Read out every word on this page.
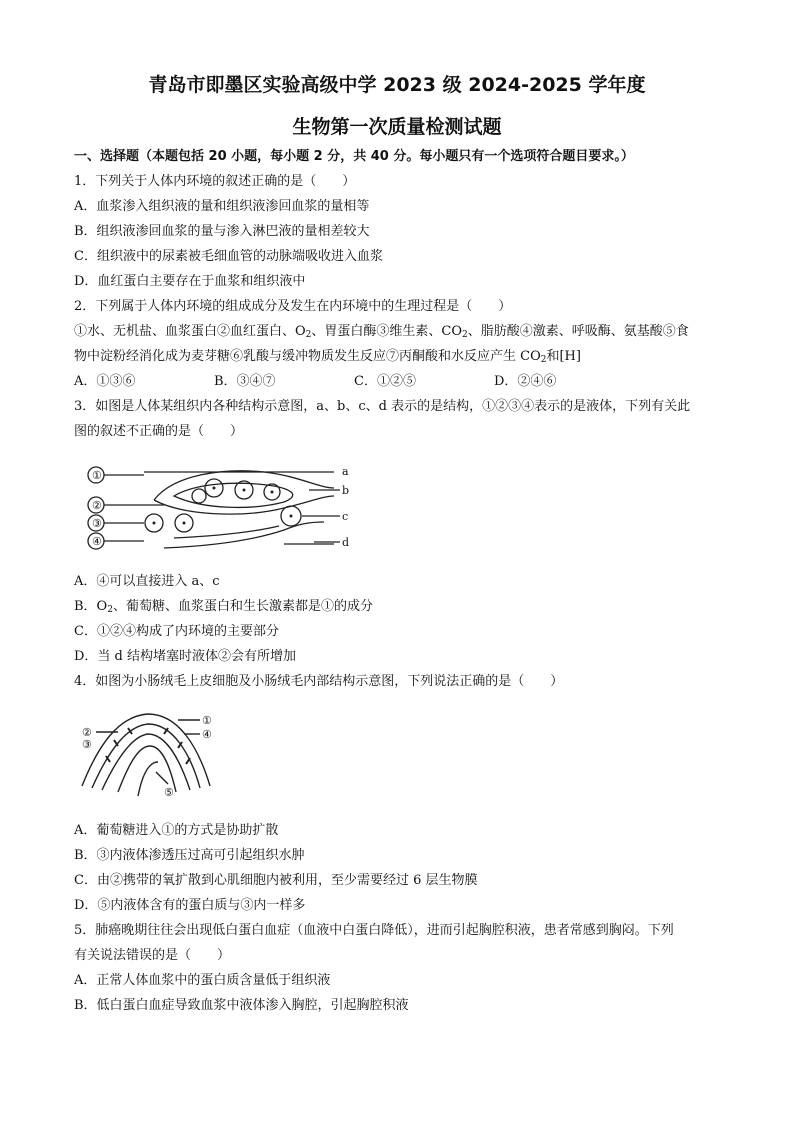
青岛市即墨区实验高级中学 2023 级 2024-2025 学年度
生物第一次质量检测试题
一、选择题（本题包括 20 小题，每小题 2 分，共 40 分。每小题只有一个选项符合题目要求。）
1．下列关于人体内环境的叙述正确的是（　　）
A．血浆渗入组织液的量和组织液渗回血浆的量相等
B．组织液渗回血浆的量与渗入淋巴液的量相差较大
C．组织液中的尿素被毛细血管的动脉端吸收进入血浆
D．血红蛋白主要存在于血浆和组织液中
2．下列属于人体内环境的组成成分及发生在内环境中的生理过程是（　　）
①水、无机盐、血浆蛋白②血红蛋白、$O_2$、胃蛋白酶③维生素、$CO_2$、脂肪酸④激素、呼吸酶、氨基酸⑤食
物中淀粉经消化成为麦芽糖⑥乳酸与缓冲物质发生反应⑦丙酮酸和水反应产生 $CO_2$和[H]
A．①③⑥	B．③④⑦	C．①②⑤	D．②④⑥
3．如图是人体某组织内各种结构示意图，a、b、c、d 表示的是结构，①②③④表示的是液体，下列有关此
图的叙述不正确的是（　　）
①
②
③
④
a
b
c
d
A．④可以直接进入 a、c
B．$O_2$、葡萄糖、血浆蛋白和生长激素都是①的成分
C．①②④构成了内环境的主要部分
D．当 d 结构堵塞时液体②会有所增加
4．如图为小肠绒毛上皮细胞及小肠绒毛内部结构示意图，下列说法正确的是（　　）
①
②
③
④
⑤
A．葡萄糖进入①的方式是协助扩散
B．③内液体渗透压过高可引起组织水肿
C．由②携带的氧扩散到心肌细胞内被利用，至少需要经过 6 层生物膜
D．⑤内液体含有的蛋白质与③内一样多
5．肺癌晚期往往会出现低白蛋白血症（血液中白蛋白降低），进而引起胸腔积液，患者常感到胸闷。下列
有关说法错误的是（　　）
A．正常人体血浆中的蛋白质含量低于组织液
B．低白蛋白血症导致血浆中液体渗入胸腔，引起胸腔积液
